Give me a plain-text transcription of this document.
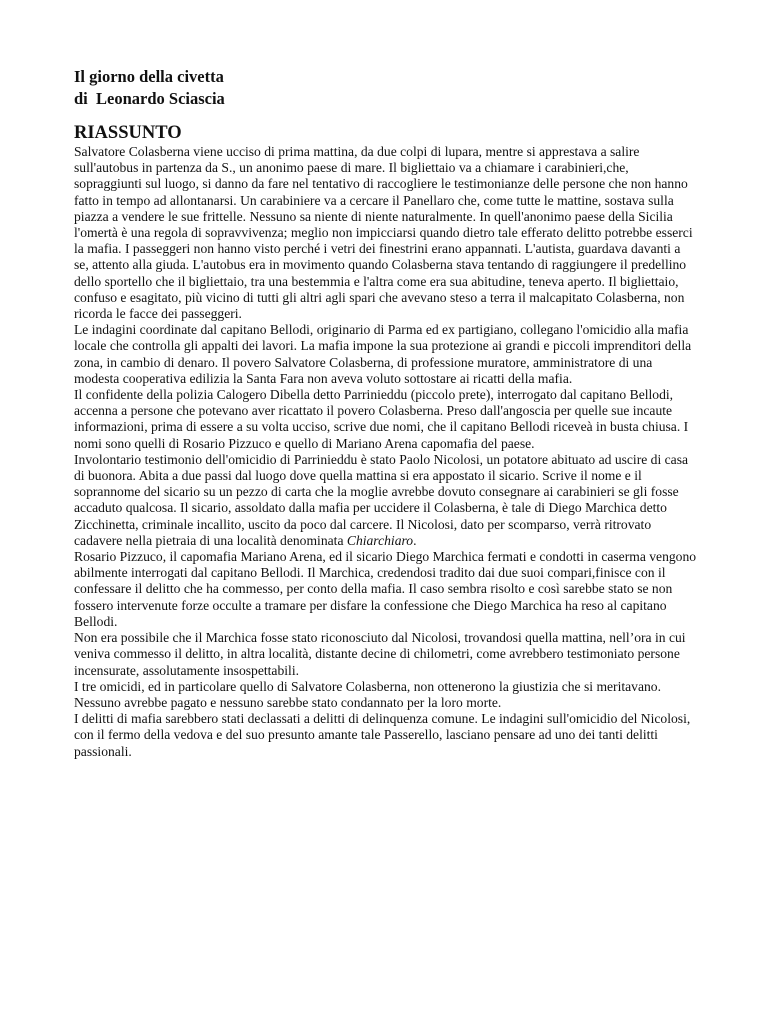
Il giorno della civetta
di  Leonardo Sciascia
RIASSUNTO

Salvatore Colasberna viene ucciso di prima mattina, da due colpi di lupara, mentre si apprestava a salire sull'autobus in partenza da S., un anonimo paese di mare. Il bigliettaio va a chiamare i carabinieri,che, sopraggiunti sul luogo, si danno da fare nel tentativo di raccogliere le testimonianze delle persone che non hanno fatto in tempo ad allontanarsi. Un carabiniere va a cercare il Panellaro che, come tutte le mattine, sostava sulla piazza a vendere le sue frittelle. Nessuno sa niente di niente naturalmente. In quell'anonimo paese della Sicilia l'omertà è una regola di sopravvivenza; meglio non impicciarsi quando dietro tale efferato delitto potrebbe esserci la mafia. I passeggeri non hanno visto perché i vetri dei finestrini erano appannati. L'autista, guardava davanti a se, attento alla giuda. L'autobus era in movimento quando Colasberna stava tentando di raggiungere il predellino dello sportello che il bigliettaio, tra una bestemmia e l'altra come era sua abitudine, teneva aperto. Il bigliettaio, confuso e esagitato, più vicino di tutti gli altri agli spari che avevano steso a terra il malcapitato Colasberna, non ricorda le facce dei passeggeri.

Le indagini coordinate dal capitano Bellodi, originario di Parma ed ex partigiano, collegano l'omicidio alla mafia locale che controlla gli appalti dei lavori. La mafia impone la sua protezione ai grandi e piccoli imprenditori della zona, in cambio di denaro. Il povero Salvatore Colasberna, di professione muratore, amministratore di una modesta cooperativa edilizia la Santa Fara non aveva voluto sottostare ai ricatti della mafia.

Il confidente della polizia Calogero Dibella detto Parrinieddu (piccolo prete), interrogato dal capitano Bellodi, accenna a persone che potevano aver ricattato il povero Colasberna. Preso dall'angoscia per quelle sue incaute informazioni, prima di essere a su volta ucciso, scrive due nomi, che il capitano Bellodi riceveà in busta chiusa. I nomi sono quelli di Rosario Pizzuco e quello di Mariano Arena capomafia del paese.

Involontario testimonio dell'omicidio di Parrinieddu è stato Paolo Nicolosi, un potatore abituato ad uscire di casa di buonora. Abita a due passi dal luogo dove quella mattina si era appostato il sicario. Scrive il nome e il soprannome del sicario su un pezzo di carta che la moglie avrebbe dovuto consegnare ai carabinieri se gli fosse accaduto qualcosa. Il sicario, assoldato dalla mafia per uccidere il Colasberna, è tale di Diego Marchica detto Zicchinetta, criminale incallito, uscito da poco dal carcere. Il Nicolosi, dato per scomparso, verrà ritrovato cadavere nella pietraia di una località denominata Chiarchiaro.

Rosario Pizzuco, il capomafia Mariano Arena, ed il sicario Diego Marchica fermati e condotti in caserma vengono abilmente interrogati dal capitano Bellodi. Il Marchica, credendosi tradito dai due suoi compari,finisce con il confessare il delitto che ha commesso, per conto della mafia. Il caso sembra risolto e così sarebbe stato se non fossero intervenute forze occulte a tramare per disfare la confessione che Diego Marchica ha reso al capitano Bellodi.

Non era possibile che il Marchica fosse stato riconosciuto dal Nicolosi, trovandosi quella mattina, nell’ora in cui veniva commesso il delitto, in altra località, distante decine di chilometri, come avrebbero testimoniato persone incensurate, assolutamente insospettabili.

I tre omicidi, ed in particolare quello di Salvatore Colasberna, non ottenerono la giustizia che si meritavano. Nessuno avrebbe pagato e nessuno sarebbe stato condannato per la loro morte.

I delitti di mafia sarebbero stati declassati a delitti di delinquenza comune. Le indagini sull'omicidio del Nicolosi, con il fermo della vedova e del suo presunto amante tale Passerello, lasciano pensare ad uno dei tanti delitti passionali.
